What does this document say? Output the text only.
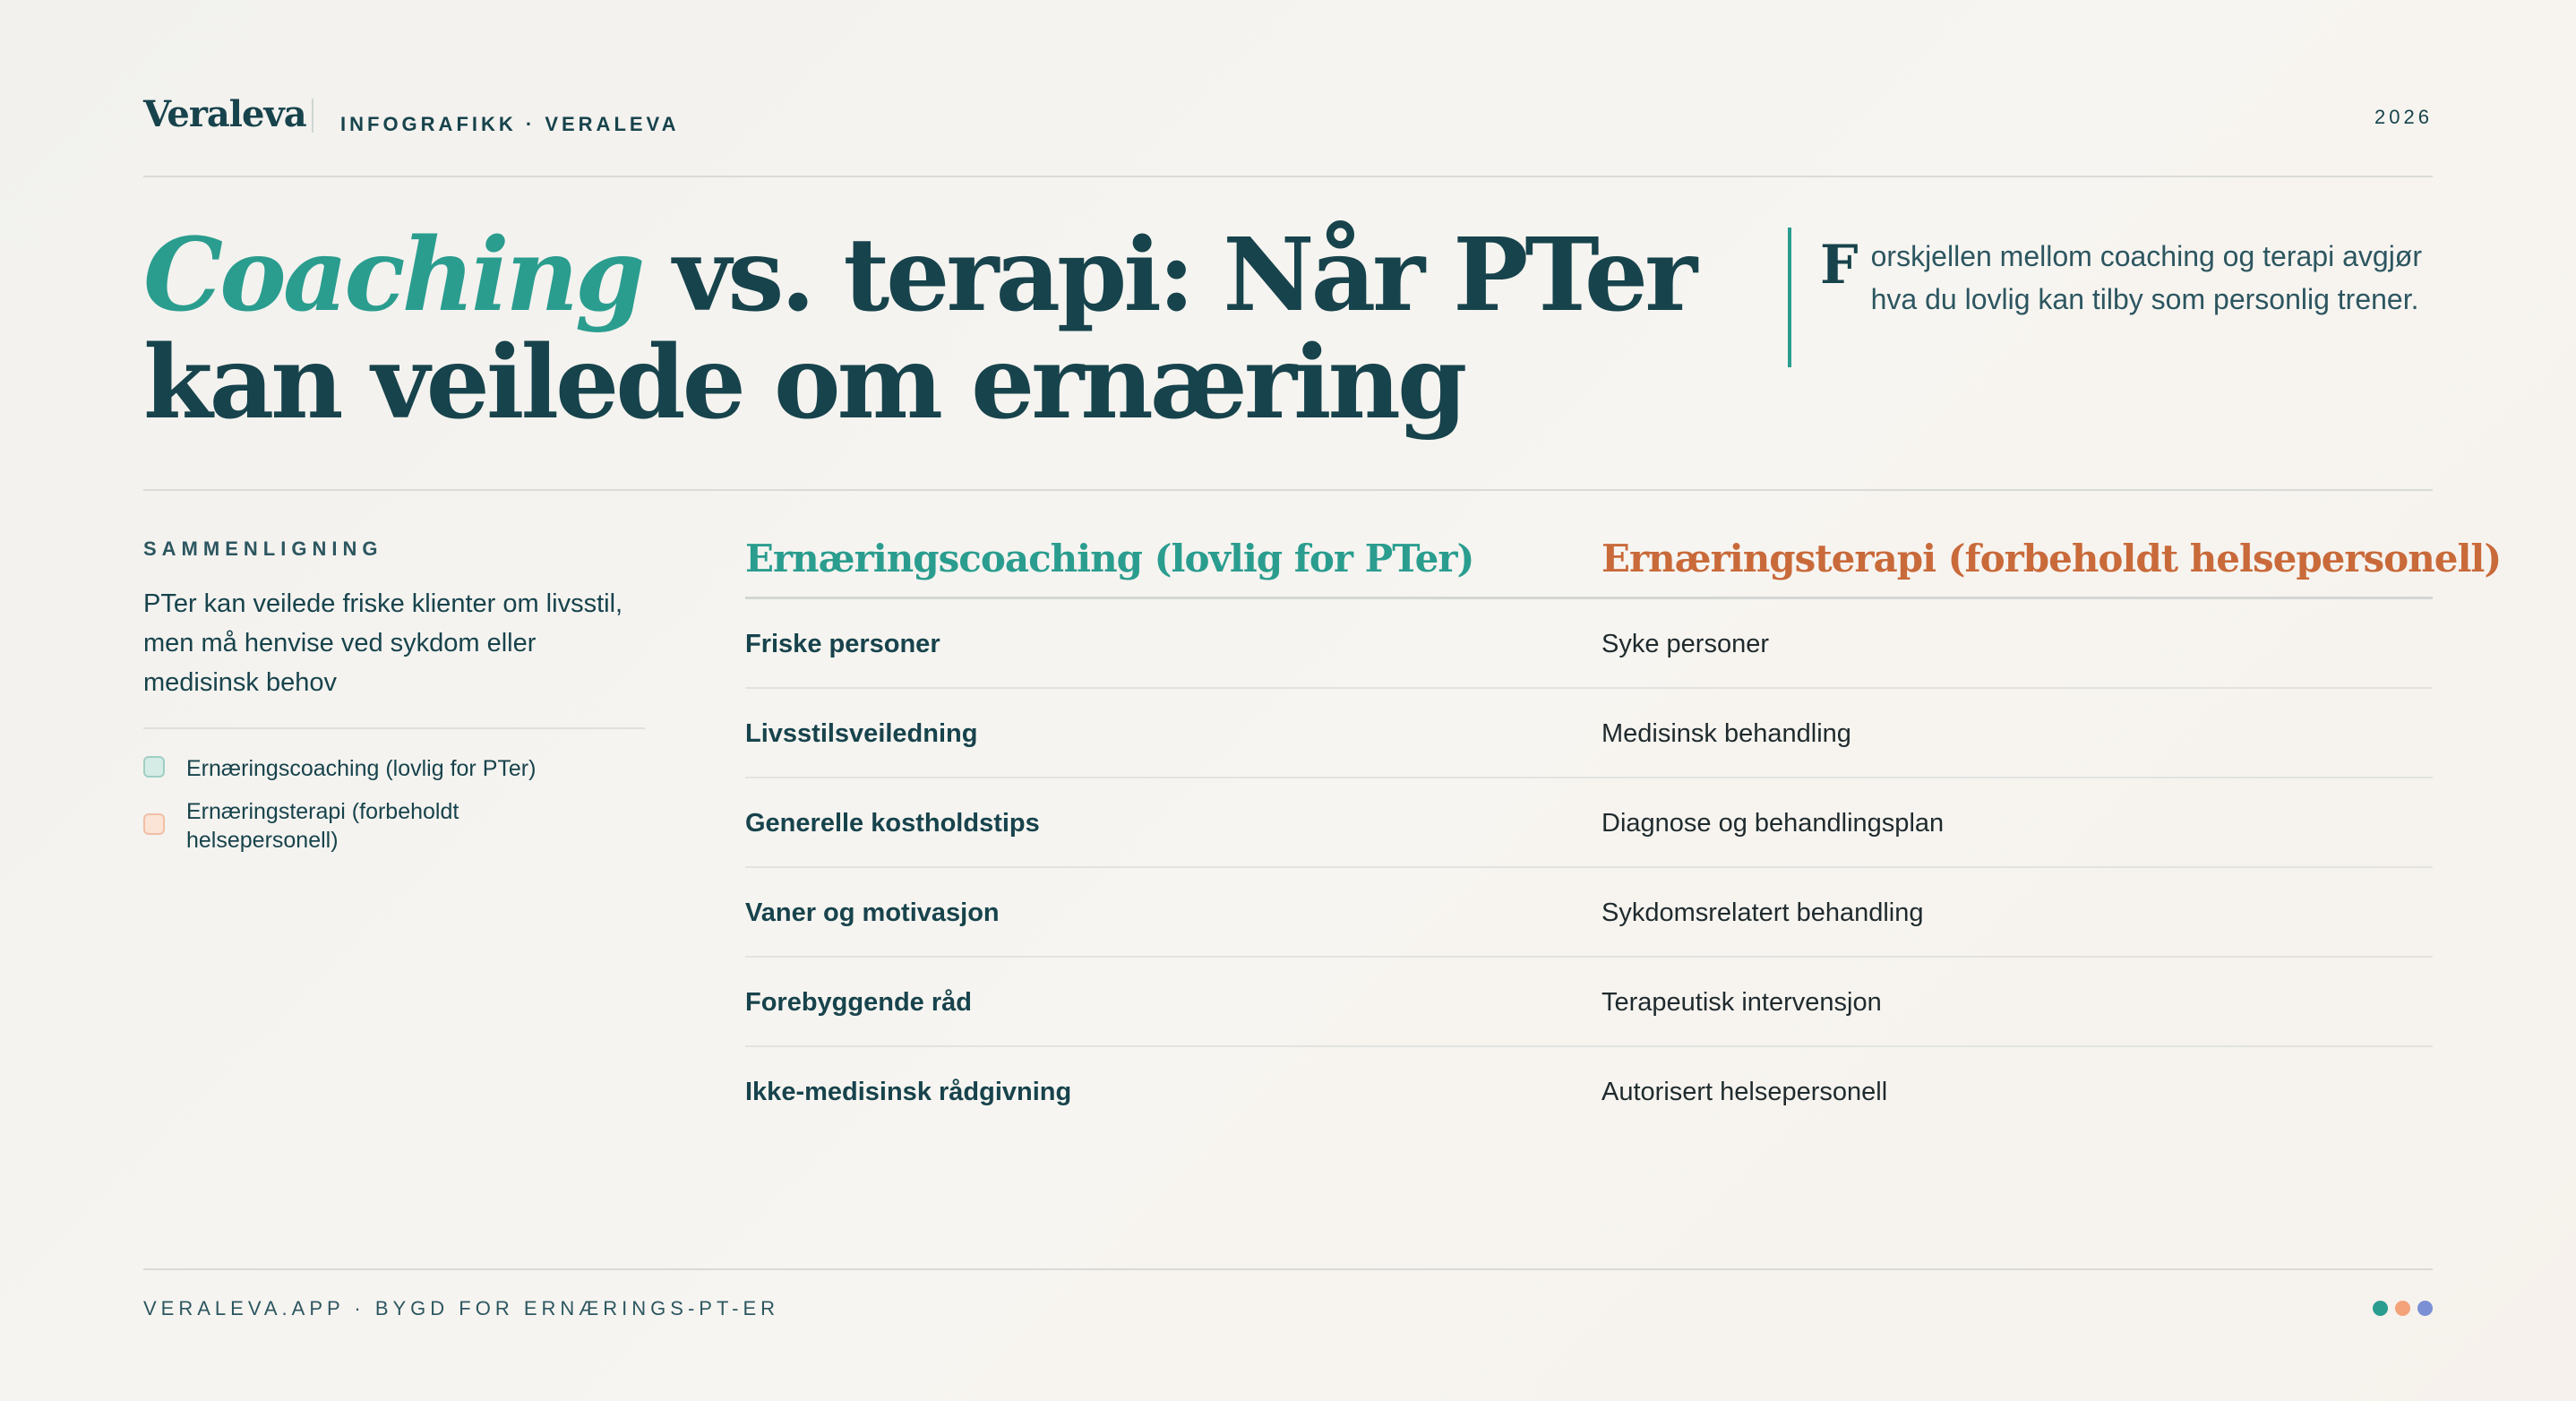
Veraleva INFOGRAFIKK · VERALEVA	2026
Coaching vs. terapi: Når PTer kan veilede om ernæring
Forskjellen mellom coaching og terapi avgjør hva du lovlig kan tilby som personlig trener.
SAMMENLIGNING
PTer kan veilede friske klienter om livsstil, men må henvise ved sykdom eller medisinsk behov
Ernæringscoaching (lovlig for PTer)
Ernæringsterapi (forbeholdt helsepersonell)
Ernæringscoaching (lovlig for PTer)	Ernæringsterapi (forbeholdt helsepersonell)
Friske personer	Syke personer
Livsstilsveiledning	Medisinsk behandling
Generelle kostholdstips	Diagnose og behandlingsplan
Vaner og motivasjon	Sykdomsrelatert behandling
Forebyggende råd	Terapeutisk intervensjon
Ikke-medisinsk rådgivning	Autorisert helsepersonell
VERALEVA.APP · BYGD FOR ERNÆRINGS-PT-ER
